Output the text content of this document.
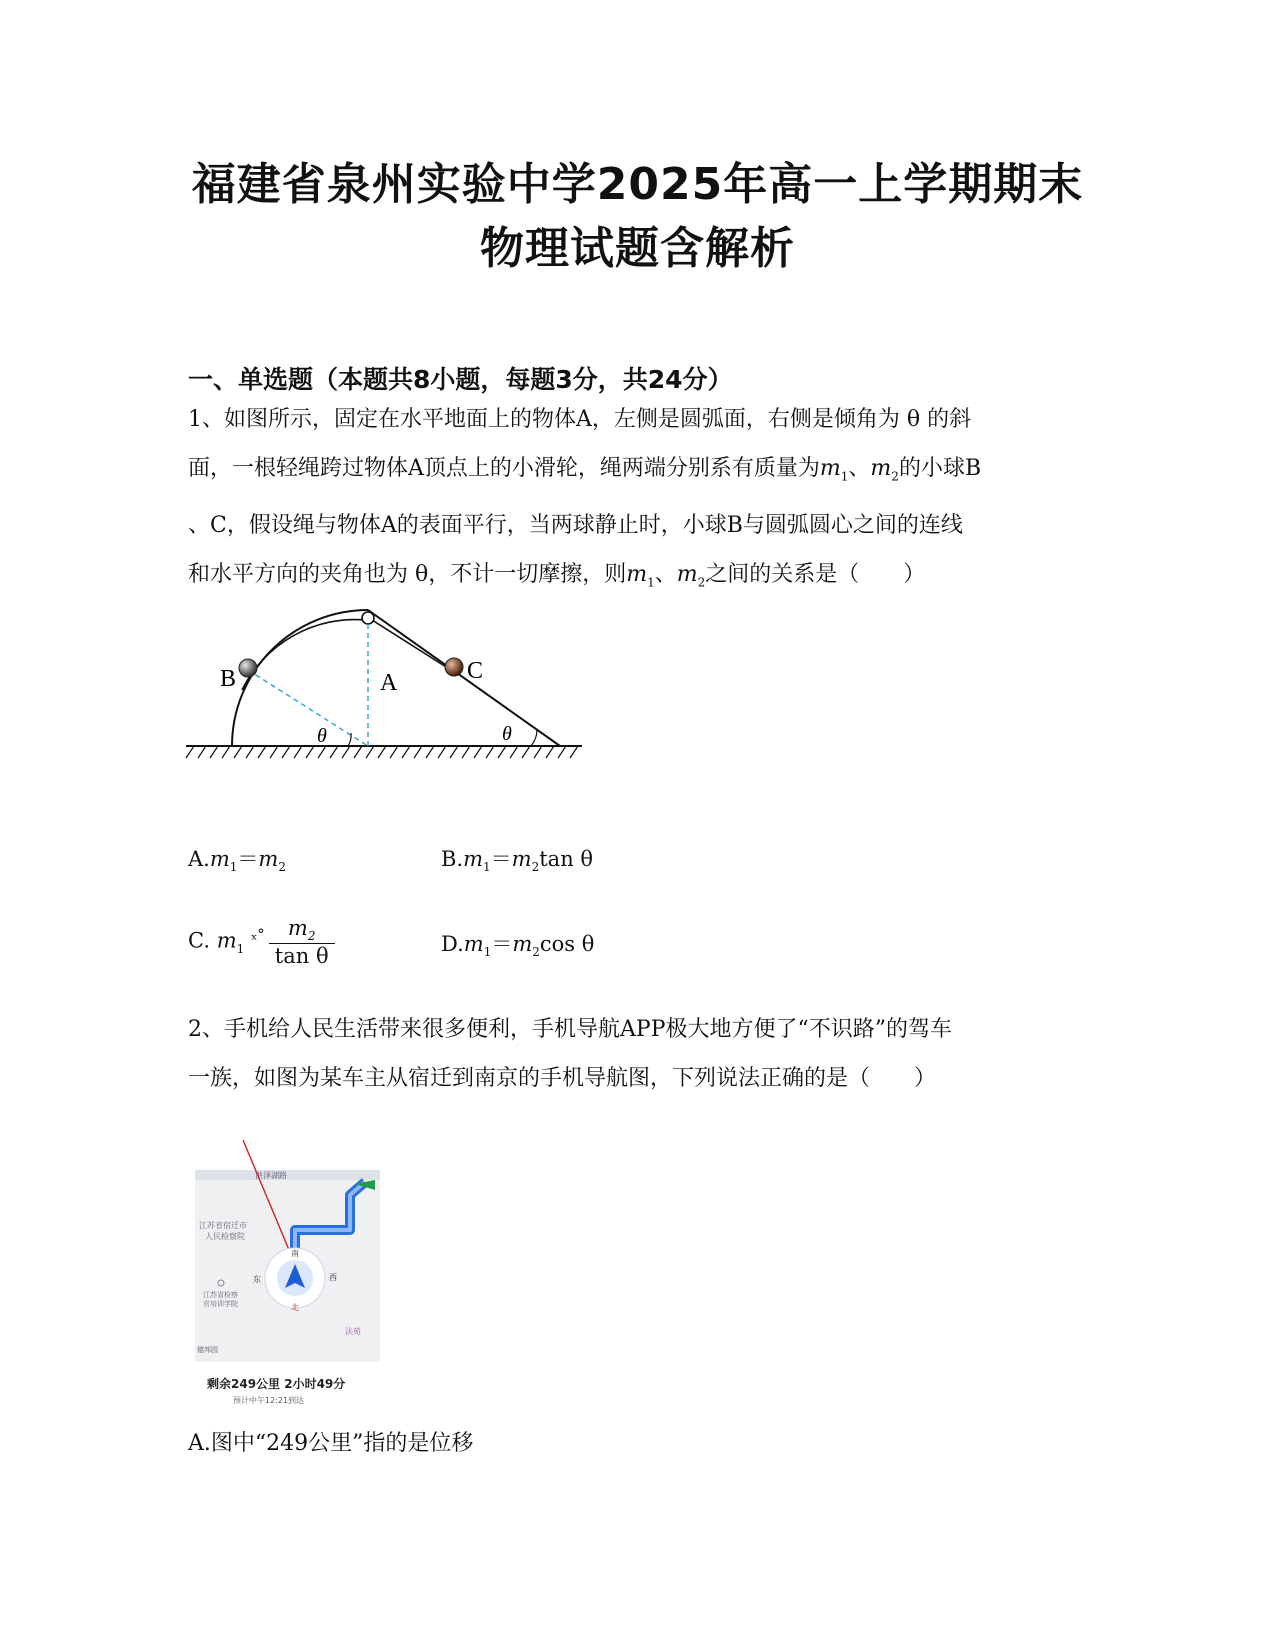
福建省泉州实验中学2025年高一上学期期末
物理试题含解析
一、单选题（本题共8小题，每题3分，共24分）
1、如图所示，固定在水平地面上的物体A，左侧是圆弧面，右侧是倾角为 θ 的斜
面，一根轻绳跨过物体A顶点上的小滑轮，绳两端分别系有质量为$m_1$、$m_2$的小球B
、C，假设绳与物体A的表面平行，当两球静止时，小球B与圆弧圆心之间的连线
和水平方向的夹角也为 θ，不计一切摩擦，则$m_1$、$m_2$之间的关系是（　　）
B	A	C
θ	θ
$A.m_1=m_2$	$B.m_1=m_2\tan$ θ
C. $m_1$ $^{_x^\circ} \frac{m_2}{\text{tan θ}}$	$D.m_1=m_2\cos$ θ
2、手机给人民生活带来很多便利，手机导航APP极大地方便了“不识路”的驾车
一族，如图为某车主从宿迁到南京的手机导航图，下列说法正确的是（　　）
洪泽湖路
江苏省宿迁市
人民检察院
江苏省检察
官培训学院
南
东	西
北
法苑
德邦园
剩余249公里 2小时49分
预计中午12:21到达
A.图中“249公里”指的是位移
